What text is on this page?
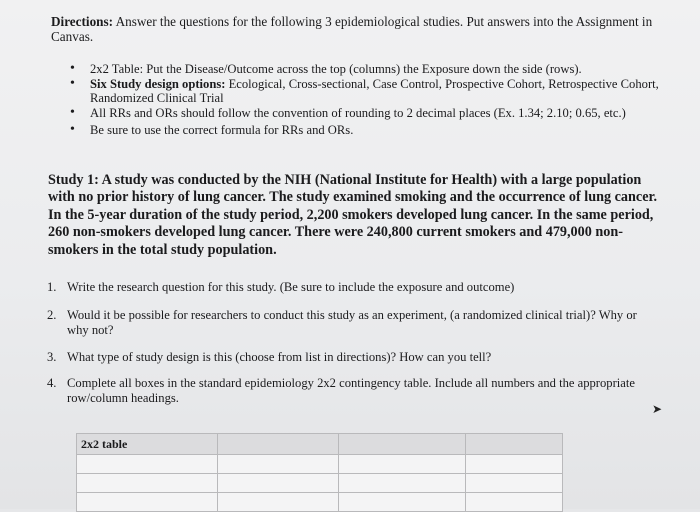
Directions: Answer the questions for the following 3 epidemiological studies. Put answers into the Assignment in Canvas.
• 2x2 Table: Put the Disease/Outcome across the top (columns) the Exposure down the side (rows).
• Six Study design options: Ecological, Cross-sectional, Case Control, Prospective Cohort, Retrospective Cohort, Randomized Clinical Trial
• All RRs and ORs should follow the convention of rounding to 2 decimal places (Ex. 1.34; 2.10; 0.65, etc.)
• Be sure to use the correct formula for RRs and ORs.
Study 1: A study was conducted by the NIH (National Institute for Health) with a large population with no prior history of lung cancer. The study examined smoking and the occurrence of lung cancer. In the 5-year duration of the study period, 2,200 smokers developed lung cancer. In the same period, 260 non-smokers developed lung cancer. There were 240,800 current smokers and 479,000 non-smokers in the total study population.
1. Write the research question for this study. (Be sure to include the exposure and outcome)
2. Would it be possible for researchers to conduct this study as an experiment, (a randomized clinical trial)? Why or why not?
3. What type of study design is this (choose from list in directions)? How can you tell?
4. Complete all boxes in the standard epidemiology 2x2 contingency table. Include all numbers and the appropriate row/column headings.
➤
2x2 table			
